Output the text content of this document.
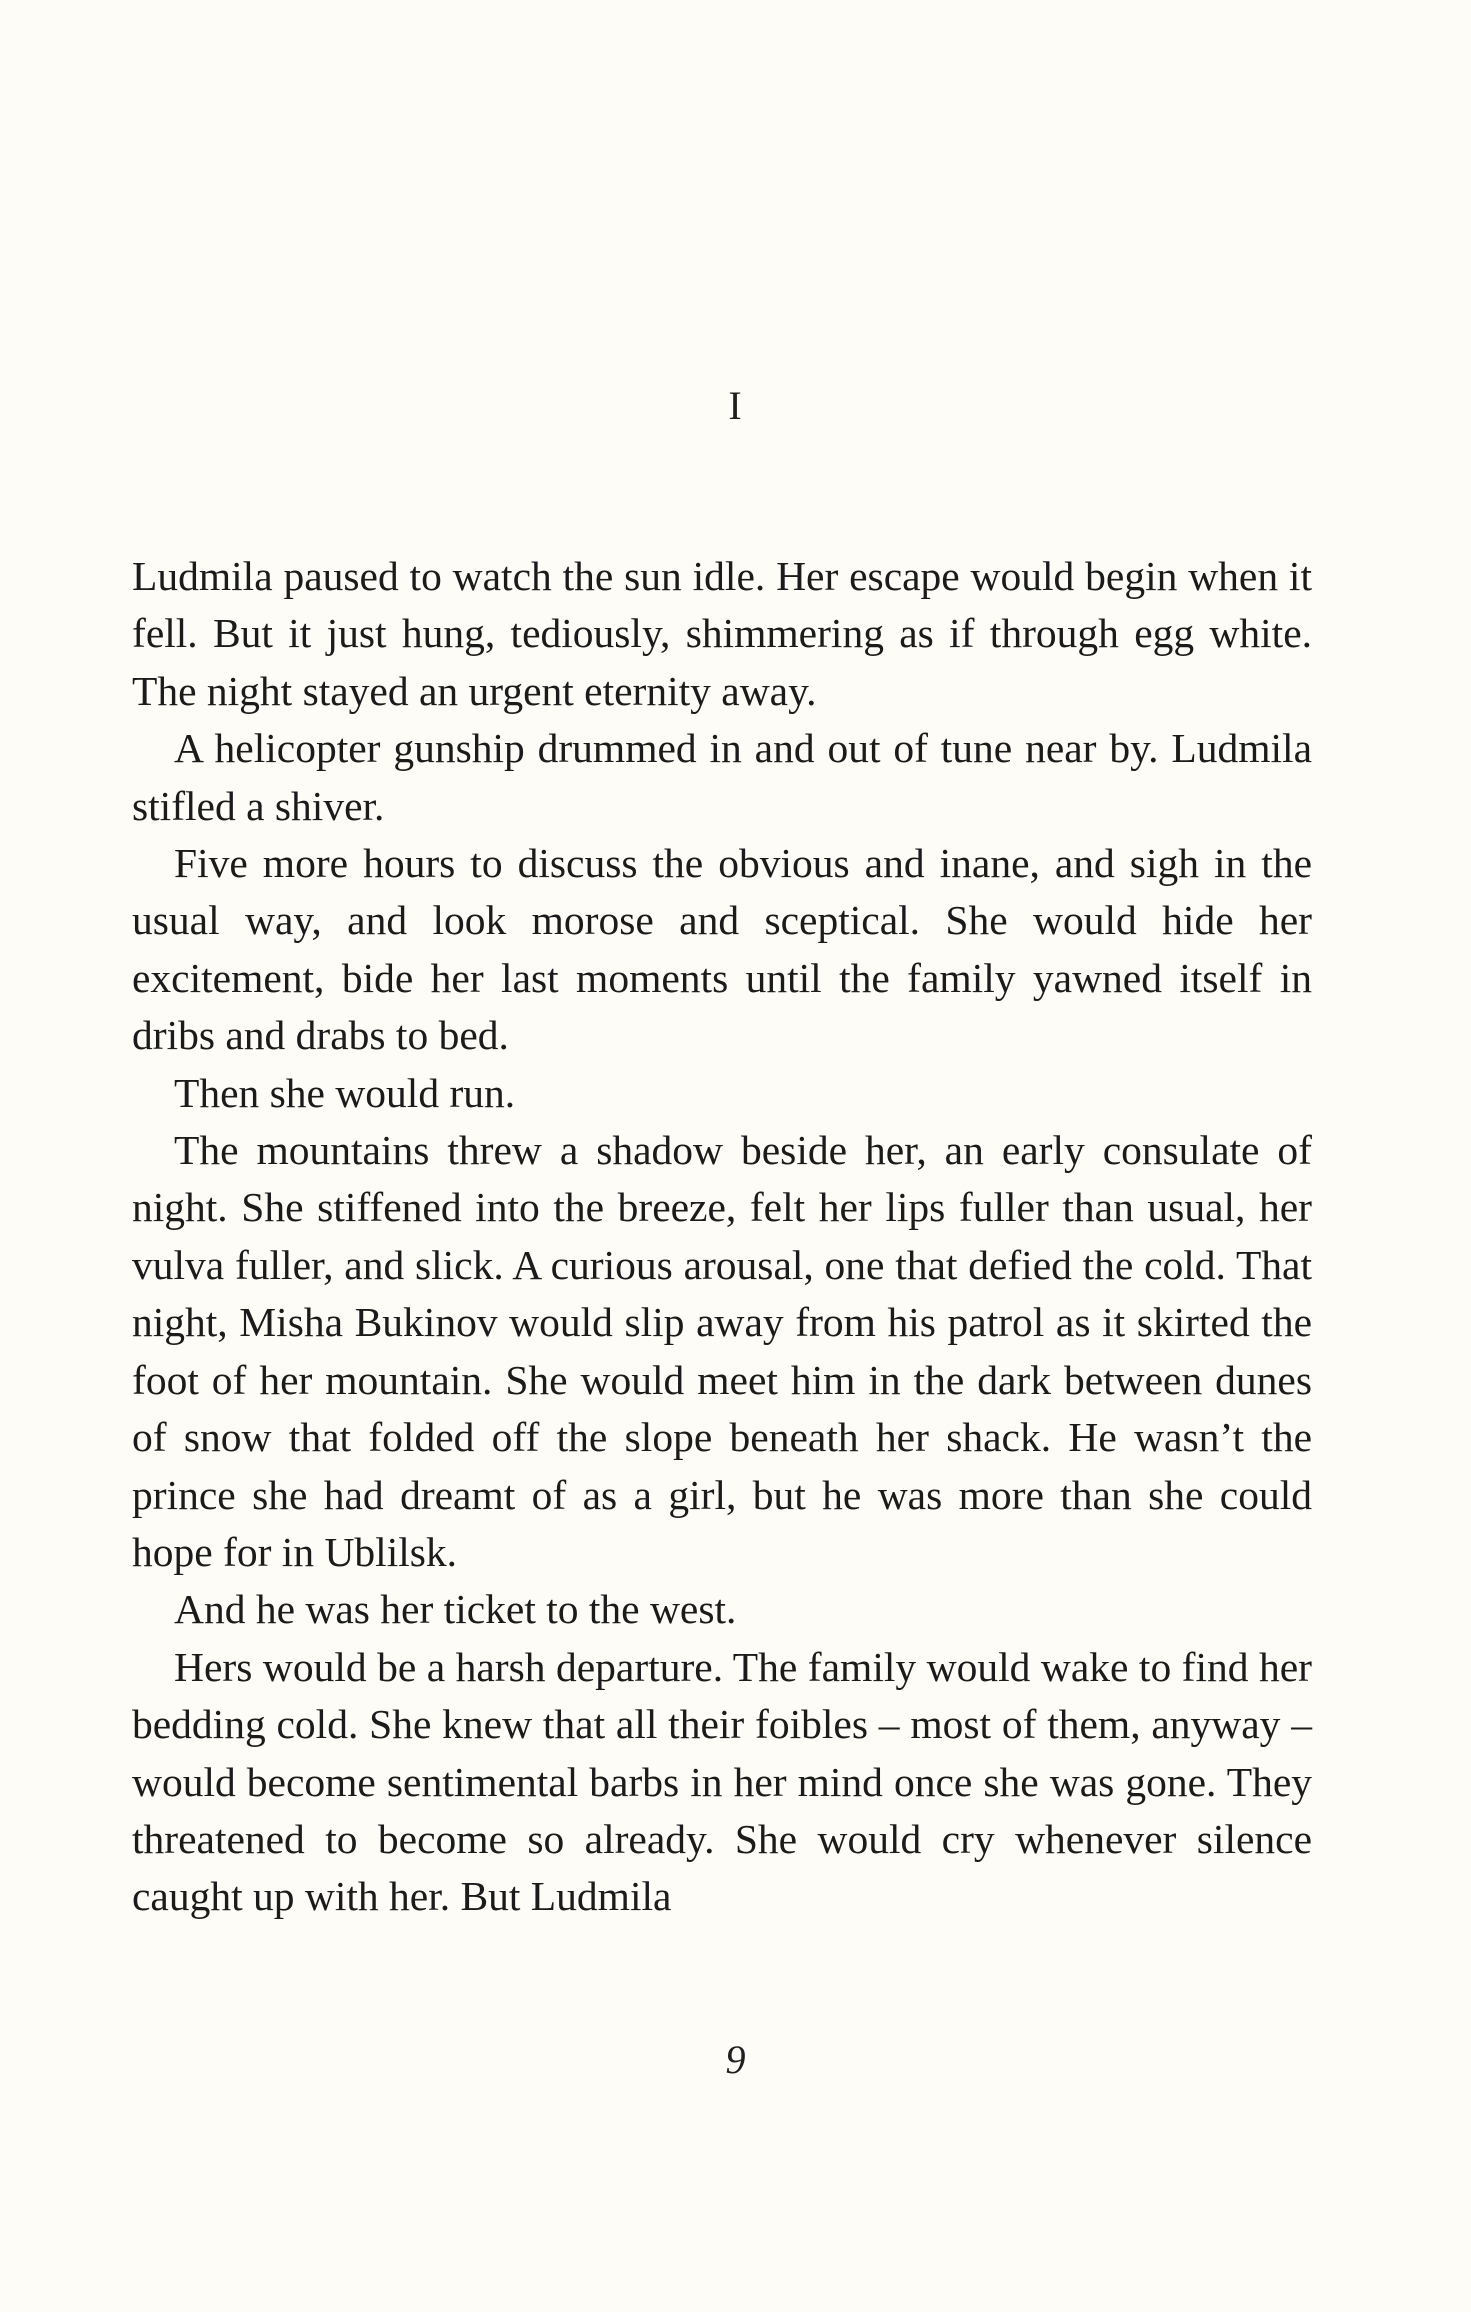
I

Ludmila paused to watch the sun idle. Her escape would begin when it fell. But it just hung, tediously, shimmering as if through egg white. The night stayed an urgent eternity away.

A helicopter gunship drummed in and out of tune near by. Ludmila stifled a shiver.

Five more hours to discuss the obvious and inane, and sigh in the usual way, and look morose and sceptical. She would hide her excitement, bide her last moments until the family yawned itself in dribs and drabs to bed.

Then she would run.

The mountains threw a shadow beside her, an early consulate of night. She stiffened into the breeze, felt her lips fuller than usual, her vulva fuller, and slick. A curious arousal, one that defied the cold. That night, Misha Bukinov would slip away from his patrol as it skirted the foot of her mountain. She would meet him in the dark between dunes of snow that folded off the slope beneath her shack. He wasn’t the prince she had dreamt of as a girl, but he was more than she could hope for in Ublilsk.

And he was her ticket to the west.

Hers would be a harsh departure. The family would wake to find her bedding cold. She knew that all their foibles – most of them, anyway – would become sentimental barbs in her mind once she was gone. They threatened to become so already. She would cry whenever silence caught up with her. But Ludmila

9
